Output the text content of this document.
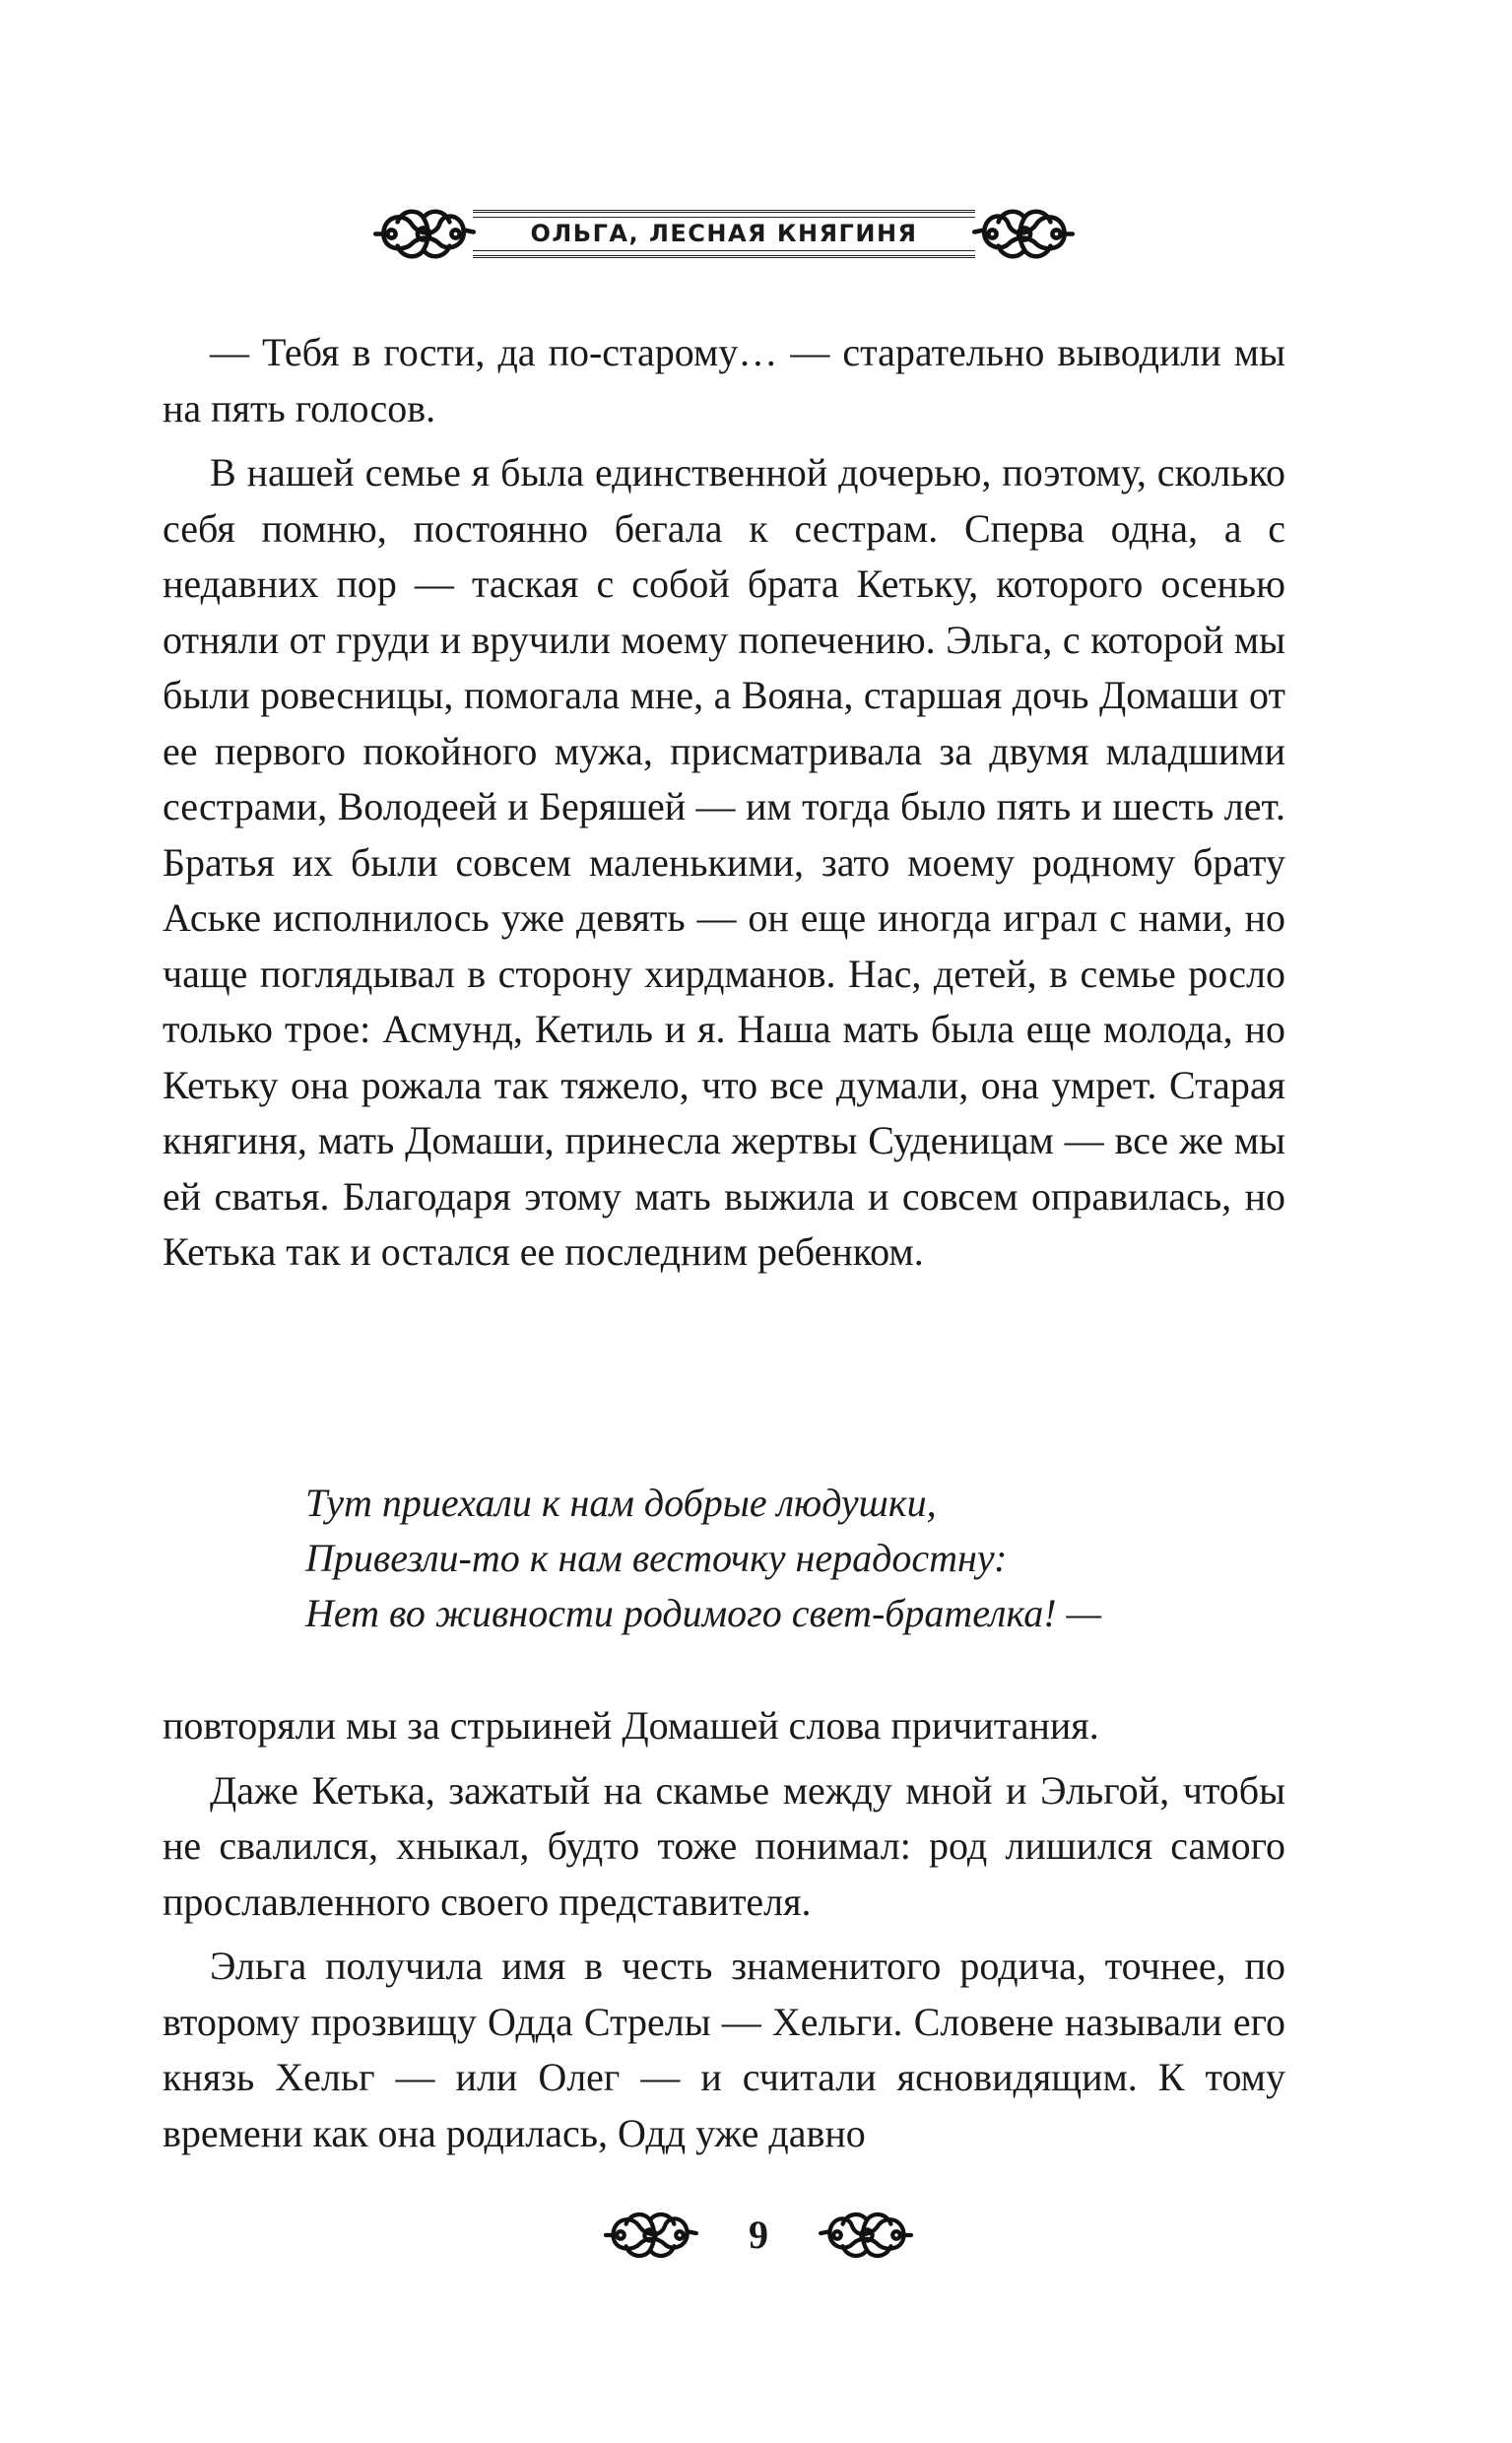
ОЛЬГА, ЛЕСНАЯ КНЯГИНЯ

— Тебя в гости, да по-старому… — старательно выводили мы на пять голосов.

В нашей семье я была единственной дочерью, поэтому, сколько себя помню, постоянно бегала к сестрам. Сперва одна, а с недавних пор — таская с собой брата Кетьку, которого осенью отняли от груди и вручили моему попечению. Эльга, с которой мы были ровесницы, помогала мне, а Вояна, старшая дочь Домаши от ее первого покойного мужа, присматривала за двумя младшими сестрами, Володеей и Беряшей — им тогда было пять и шесть лет. Братья их были совсем маленькими, зато моему родному брату Аське исполнилось уже девять — он еще иногда играл с нами, но чаще поглядывал в сторону хирдманов. Нас, детей, в семье росло только трое: Асмунд, Кетиль и я. Наша мать была еще молода, но Кетьку она рожала так тяжело, что все думали, она умрет. Старая княгиня, мать Домаши, принесла жертвы Суденицам — все же мы ей сватья. Благодаря этому мать выжила и совсем оправилась, но Кетька так и остался ее последним ребенком.

Тут приехали к нам добрые людушки,
Привезли-то к нам весточку нерадостну:
Нет во живности родимого свет-брателка! —

повторяли мы за стрыиней Домашей слова причитания.

Даже Кетька, зажатый на скамье между мной и Эльгой, чтобы не свалился, хныкал, будто тоже понимал: род лишился самого прославленного своего представителя.

Эльга получила имя в честь знаменитого родича, точнее, по второму прозвищу Одда Стрелы — Хельги. Словене называли его князь Хельг — или Олег — и считали ясновидящим. К тому времени как она родилась, Одд уже давно

9
